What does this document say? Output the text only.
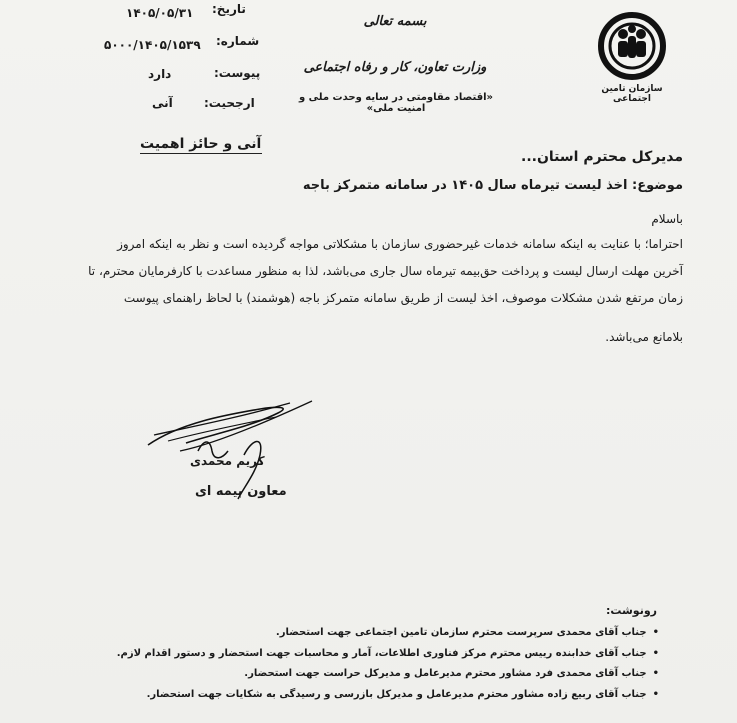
تاریخ:
۱۴۰۵/۰۵/۳۱
شماره:
۵۰۰۰/۱۴۰۵/۱۵۳۹
پیوست:
دارد
ارجحیت:
آنی
بسمه تعالی
وزارت تعاون، کار و رفاه اجتماعی
«اقتصاد مقاومتی در سایه وحدت ملی و امنیت ملی»
سازمان تامین اجتماعی
آنی و حائز اهمیت
مدیرکل محترم استان...
موضوع: اخذ لیست تیرماه سال ۱۴۰۵ در سامانه متمرکز باجه
باسلام
احتراما؛ با عنایت به اینکه سامانه خدمات غیرحضوری سازمان با مشکلاتی مواجه گردیده است و نظر به اینکه امروز
آخرین مهلت ارسال لیست و پرداخت حق‌بیمه تیرماه سال جاری می‌باشد، لذا به منظور مساعدت با کارفرمایان محترم، تا
زمان مرتفع شدن مشکلات موصوف، اخذ لیست از طریق سامانه متمرکز باجه (هوشمند) با لحاظ راهنمای پیوست
بلامانع می‌باشد.
کریم محمدی
معاون بیمه ای
رونوشت:
• جناب آقای محمدی سرپرست محترم سازمان تامین اجتماعی جهت استحضار.
• جناب آقای خدابنده رییس محترم مرکز فناوری اطلاعات، آمار و محاسبات جهت استحضار و دستور اقدام لازم.
• جناب آقای محمدی فرد مشاور محترم مدیرعامل و مدیرکل حراست جهت استحضار.
• جناب آقای ربیع زاده مشاور محترم مدیرعامل و مدیرکل بازرسی و رسیدگی به شکایات جهت استحضار.
